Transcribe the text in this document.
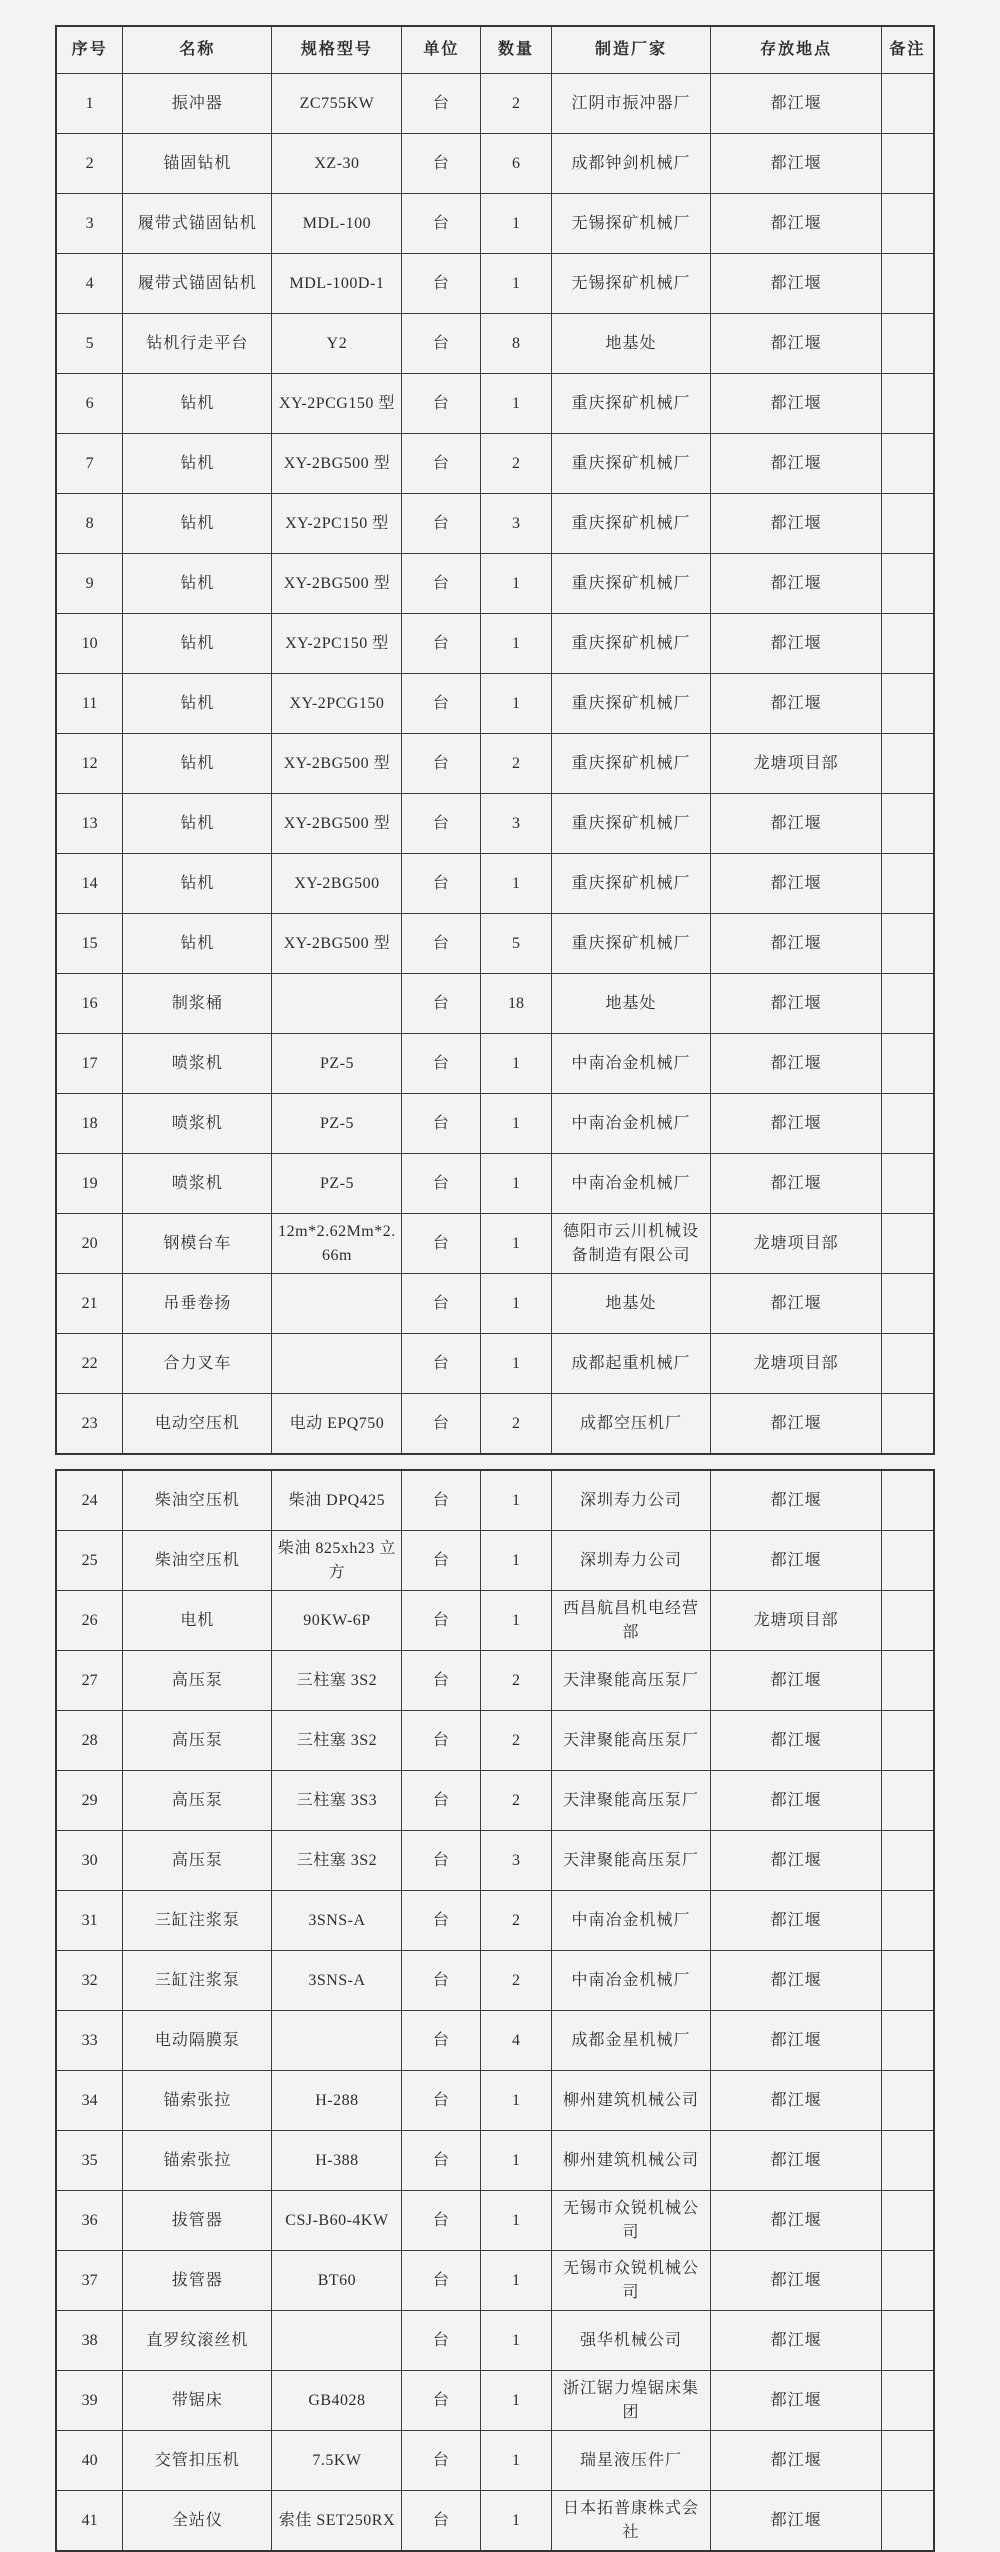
序号	名称	规格型号	单位	数量	制造厂家	存放地点	备注
1	振冲器	ZC755KW	台	2	江阴市振冲器厂	都江堰	
2	锚固钻机	XZ-30	台	6	成都钟剑机械厂	都江堰	
3	履带式锚固钻机	MDL-100	台	1	无锡探矿机械厂	都江堰	
4	履带式锚固钻机	MDL-100D-1	台	1	无锡探矿机械厂	都江堰	
5	钻机行走平台	Y2	台	8	地基处	都江堰	
6	钻机	XY-2PCG150 型	台	1	重庆探矿机械厂	都江堰	
7	钻机	XY-2BG500 型	台	2	重庆探矿机械厂	都江堰	
8	钻机	XY-2PC150 型	台	3	重庆探矿机械厂	都江堰	
9	钻机	XY-2BG500 型	台	1	重庆探矿机械厂	都江堰	
10	钻机	XY-2PC150 型	台	1	重庆探矿机械厂	都江堰	
11	钻机	XY-2PCG150	台	1	重庆探矿机械厂	都江堰	
12	钻机	XY-2BG500 型	台	2	重庆探矿机械厂	龙塘项目部	
13	钻机	XY-2BG500 型	台	3	重庆探矿机械厂	都江堰	
14	钻机	XY-2BG500	台	1	重庆探矿机械厂	都江堰	
15	钻机	XY-2BG500 型	台	5	重庆探矿机械厂	都江堰	
16	制浆桶		台	18	地基处	都江堰	
17	喷浆机	PZ-5	台	1	中南冶金机械厂	都江堰	
18	喷浆机	PZ-5	台	1	中南冶金机械厂	都江堰	
19	喷浆机	PZ-5	台	1	中南冶金机械厂	都江堰	
20	钢模台车	12m*2.62Mm*2.66m	台	1	德阳市云川机械设备制造有限公司	龙塘项目部	
21	吊垂卷扬		台	1	地基处	都江堰	
22	合力叉车		台	1	成都起重机械厂	龙塘项目部	
23	电动空压机	电动 EPQ750	台	2	成都空压机厂	都江堰	
24	柴油空压机	柴油 DPQ425	台	1	深圳寿力公司	都江堰	
25	柴油空压机	柴油 825xh23 立方	台	1	深圳寿力公司	都江堰	
26	电机	90KW-6P	台	1	西昌航昌机电经营部	龙塘项目部	
27	高压泵	三柱塞 3S2	台	2	天津聚能高压泵厂	都江堰	
28	高压泵	三柱塞 3S2	台	2	天津聚能高压泵厂	都江堰	
29	高压泵	三柱塞 3S3	台	2	天津聚能高压泵厂	都江堰	
30	高压泵	三柱塞 3S2	台	3	天津聚能高压泵厂	都江堰	
31	三缸注浆泵	3SNS-A	台	2	中南冶金机械厂	都江堰	
32	三缸注浆泵	3SNS-A	台	2	中南冶金机械厂	都江堰	
33	电动隔膜泵		台	4	成都金星机械厂	都江堰	
34	锚索张拉	H-288	台	1	柳州建筑机械公司	都江堰	
35	锚索张拉	H-388	台	1	柳州建筑机械公司	都江堰	
36	拔管器	CSJ-B60-4KW	台	1	无锡市众锐机械公司	都江堰	
37	拔管器	BT60	台	1	无锡市众锐机械公司	都江堰	
38	直罗纹滚丝机		台	1	强华机械公司	都江堰	
39	带锯床	GB4028	台	1	浙江锯力煌锯床集团	都江堰	
40	交管扣压机	7.5KW	台	1	瑞星液压件厂	都江堰	
41	全站仪	索佳 SET250RX	台	1	日本拓普康株式会社	都江堰	
